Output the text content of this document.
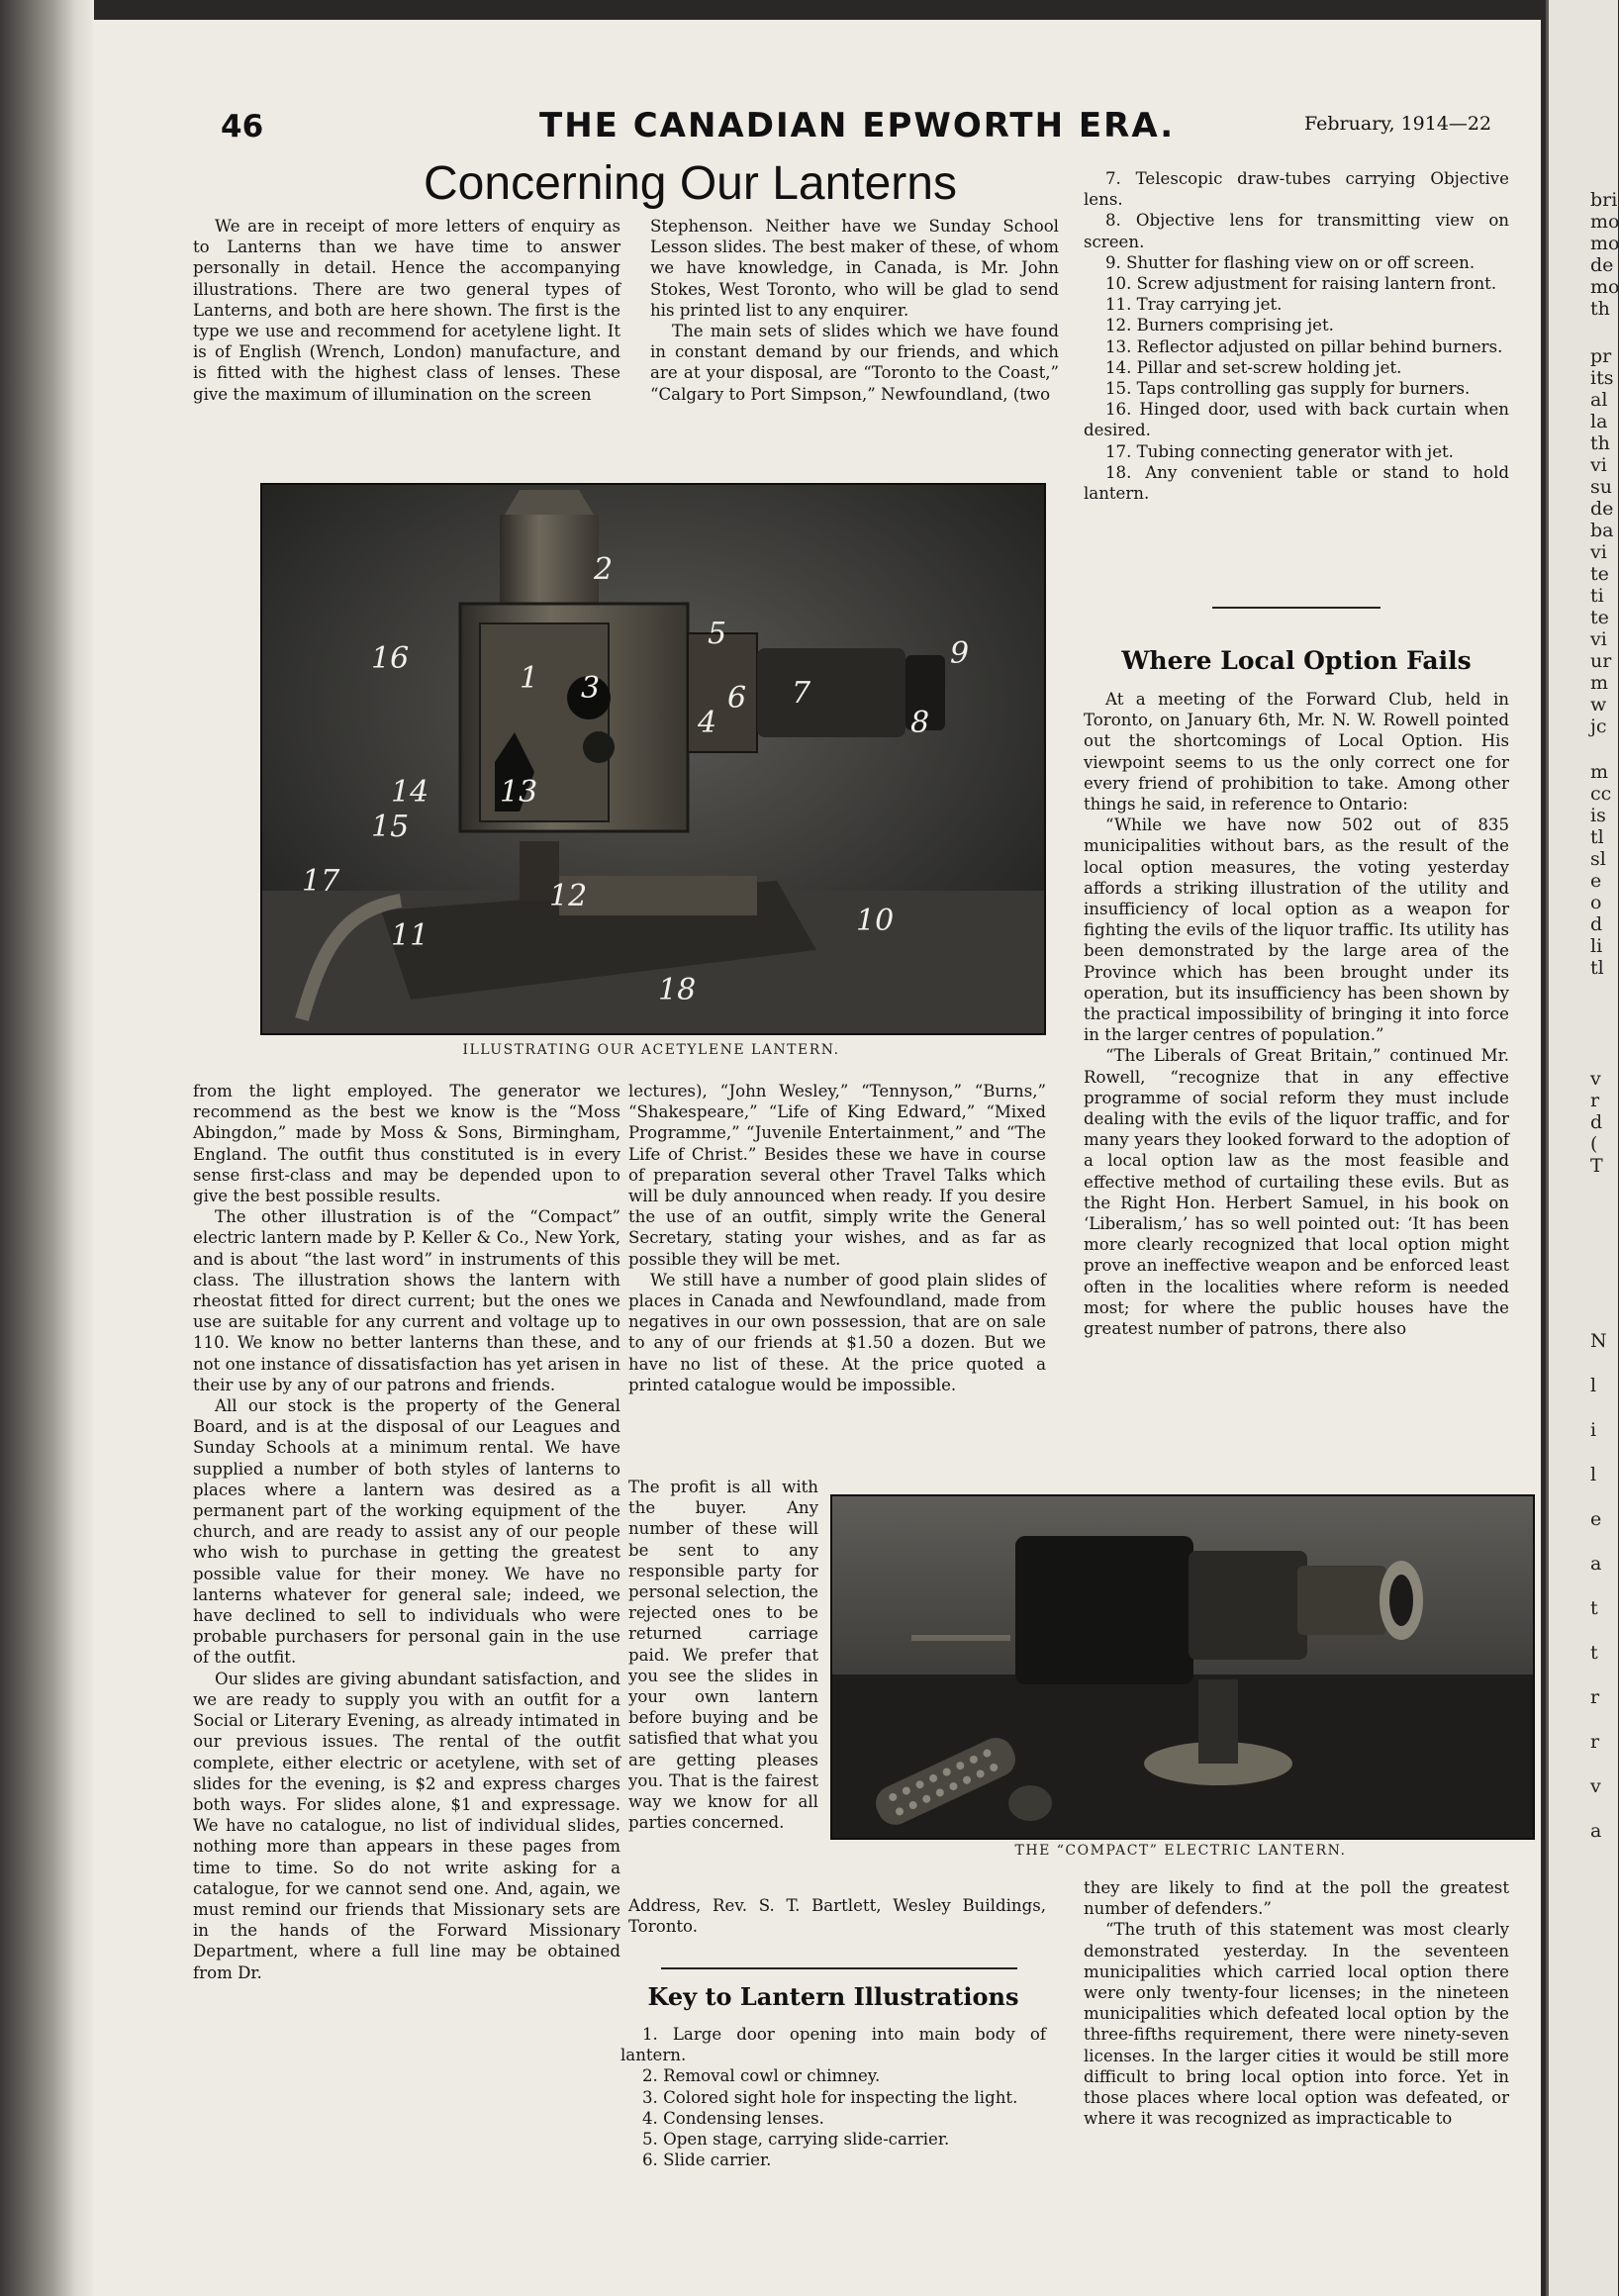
46	THE CANADIAN EPWORTH ERA.	February, 1914—22
Concerning Our Lanterns

We are in receipt of more letters of enquiry as to Lanterns than we have time to answer personally in detail. Hence the accompanying illustrations. There are two general types of Lanterns, and both are here shown. The first is the type we use and recommend for acetylene light. It is of English (Wrench, London) manufacture, and is fitted with the highest class of lenses. These give the maximum of illumination on the screen

Stephenson. Neither have we Sunday School Lesson slides. The best maker of these, of whom we have knowledge, in Canada, is Mr. John Stokes, West Toronto, who will be glad to send his printed list to any enquirer.

The main sets of slides which we have found in constant demand by our friends, and which are at your disposal, are “Toronto to the Coast,” “Calgary to Port Simpson,” Newfoundland, (two

2
1 3
4
5
6 7
8
9
10
11
12
13
14
15
16
17
18
ILLUSTRATING OUR ACETYLENE LANTERN.

from the light employed. The generator we recommend as the best we know is the “Moss Abingdon,” made by Moss & Sons, Birmingham, England. The outfit thus constituted is in every sense first-class and may be depended upon to give the best possible results.

The other illustration is of the “Compact” electric lantern made by P. Keller & Co., New York, and is about “the last word” in instruments of this class. The illustration shows the lantern with rheostat fitted for direct current; but the ones we use are suitable for any current and voltage up to 110. We know no better lanterns than these, and not one instance of dissatisfaction has yet arisen in their use by any of our patrons and friends.

All our stock is the property of the General Board, and is at the disposal of our Leagues and Sunday Schools at a minimum rental. We have supplied a number of both styles of lanterns to places where a lantern was desired as a permanent part of the working equipment of the church, and are ready to assist any of our people who wish to purchase in getting the greatest possible value for their money. We have no lanterns whatever for general sale; indeed, we have declined to sell to individuals who were probable purchasers for personal gain in the use of the outfit.

Our slides are giving abundant satisfaction, and we are ready to supply you with an outfit for a Social or Literary Evening, as already intimated in our previous issues. The rental of the outfit complete, either electric or acetylene, with set of slides for the evening, is $2 and express charges both ways. For slides alone, $1 and expressage. We have no catalogue, no list of individual slides, nothing more than appears in these pages from time to time. So do not write asking for a catalogue, for we cannot send one. And, again, we must remind our friends that Missionary sets are in the hands of the Forward Missionary Department, where a full line may be obtained from Dr.

lectures), “John Wesley,” “Tennyson,” “Burns,” “Shakespeare,” “Life of King Edward,” “Mixed Programme,” “Juvenile Entertainment,” and “The Life of Christ.” Besides these we have in course of preparation several other Travel Talks which will be duly announced when ready. If you desire the use of an outfit, simply write the General Secretary, stating your wishes, and as far as possible they will be met.

We still have a number of good plain slides of places in Canada and Newfoundland, made from negatives in our own possession, that are on sale to any of our friends at $1.50 a dozen. But we have no list of these. At the price quoted a printed catalogue would be impossible.

The profit is all with the buyer. Any number of these will be sent to any responsible party for personal selection, the rejected ones to be returned carriage paid. We prefer that you see the slides in your own lantern before buying and be satisfied that what you are getting pleases you. That is the fairest way we know for all parties concerned.

Address, Rev. S. T. Bartlett, Wesley Buildings, Toronto.

THE “COMPACT” ELECTRIC LANTERN.
Key to Lantern Illustrations

1. Large door opening into main body of lantern.

2. Removal cowl or chimney.

3. Colored sight hole for inspecting the light.

4. Condensing lenses.

5. Open stage, carrying slide-carrier.

6. Slide carrier.

7. Telescopic draw-tubes carrying Objective lens.

8. Objective lens for transmitting view on screen.

9. Shutter for flashing view on or off screen.

10. Screw adjustment for raising lantern front.

11. Tray carrying jet.

12. Burners comprising jet.

13. Reflector adjusted on pillar behind burners.

14. Pillar and set-screw holding jet.

15. Taps controlling gas supply for burners.

16. Hinged door, used with back curtain when desired.

17. Tubing connecting generator with jet.

18. Any convenient table or stand to hold lantern.

Where Local Option Fails

At a meeting of the Forward Club, held in Toronto, on January 6th, Mr. N. W. Rowell pointed out the shortcomings of Local Option. His viewpoint seems to us the only correct one for every friend of prohibition to take. Among other things he said, in reference to Ontario:

“While we have now 502 out of 835 municipalities without bars, as the result of the local option measures, the voting yesterday affords a striking illustration of the utility and insufficiency of local option as a weapon for fighting the evils of the liquor traffic. Its utility has been demonstrated by the large area of the Province which has been brought under its operation, but its insufficiency has been shown by the practical impossibility of bringing it into force in the larger centres of population.”

“The Liberals of Great Britain,” continued Mr. Rowell, “recognize that in any effective programme of social reform they must include dealing with the evils of the liquor traffic, and for many years they looked forward to the adoption of a local option law as the most feasible and effective method of curtailing these evils. But as the Right Hon. Herbert Samuel, in his book on ‘Liberalism,’ has so well pointed out: ‘It has been more clearly recognized that local option might prove an ineffective weapon and be enforced least often in the localities where reform is needed most; for where the public houses have the greatest number of patrons, there also

they are likely to find at the poll the greatest number of defenders.”

“The truth of this statement was most clearly demonstrated yesterday. In the seventeen municipalities which carried local option there were only twenty-four licenses; in the nineteen municipalities which defeated local option by the three-fifths requirement, there were ninety-seven licenses. In the larger cities it would be still more difficult to bring local option into force. Yet in those places where local option was defeated, or where it was recognized as impracticable to

bri
mo
mo
de
mo
th
pr
its
al
la
th
vi
su
de
ba
vi
te
ti
te
vi
ur
m
w
jc
m
cc
is
tl
sl
e
o
d
li
tl
v
r
d
(
T
N
l
i
l
e
a
t
t
r
r
v
a
